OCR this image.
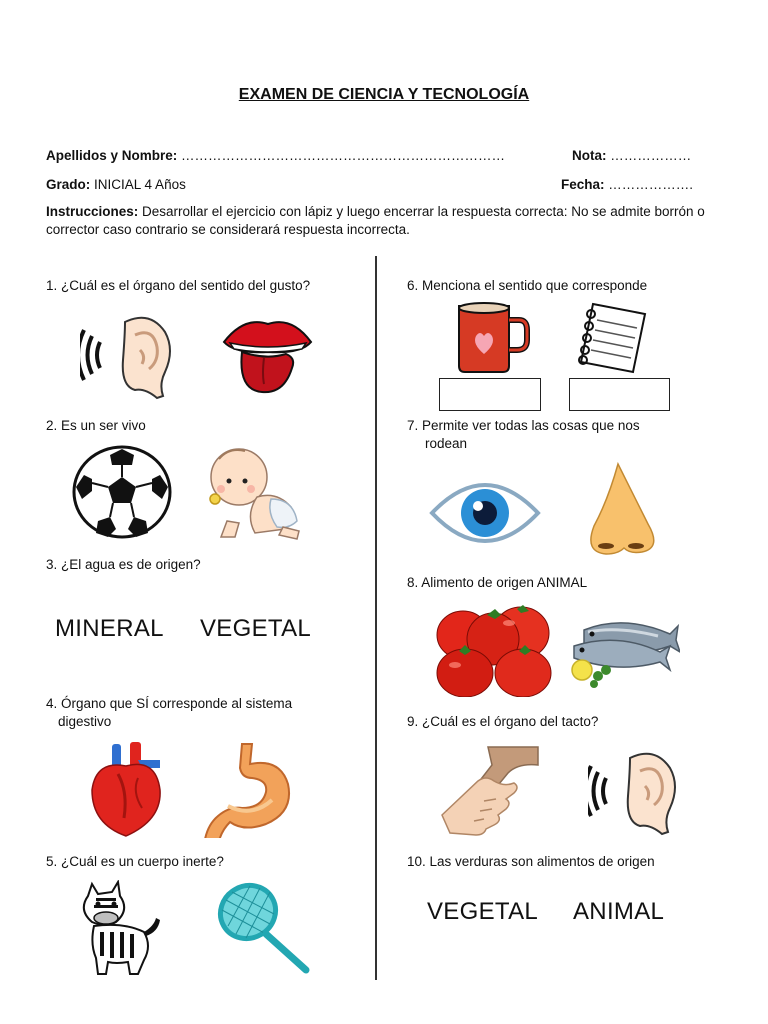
EXAMEN DE CIENCIA Y TECNOLOGÍA
Apellidos y Nombre: ………………………………………………………………	Nota: ………………
Grado: INICIAL 4 Años	Fecha: ……………….
Instrucciones: Desarrollar el ejercicio con lápiz y luego encerrar la respuesta correcta: No se admite borrón o corrector caso contrario se considerará respuesta incorrecta.
1. ¿Cuál es el órgano del sentido del gusto?
2. Es un ser vivo
3. ¿El agua es de origen?
MINERAL VEGETAL
4. Órgano que SÍ corresponde al sistema
digestivo
5. ¿Cuál es un cuerpo inerte?
6. Menciona el sentido que corresponde
7. Permite ver todas las cosas que nos
rodean
8. Alimento de origen ANIMAL
9. ¿Cuál es el órgano del tacto?
10. Las verduras son alimentos de origen
VEGETAL ANIMAL
